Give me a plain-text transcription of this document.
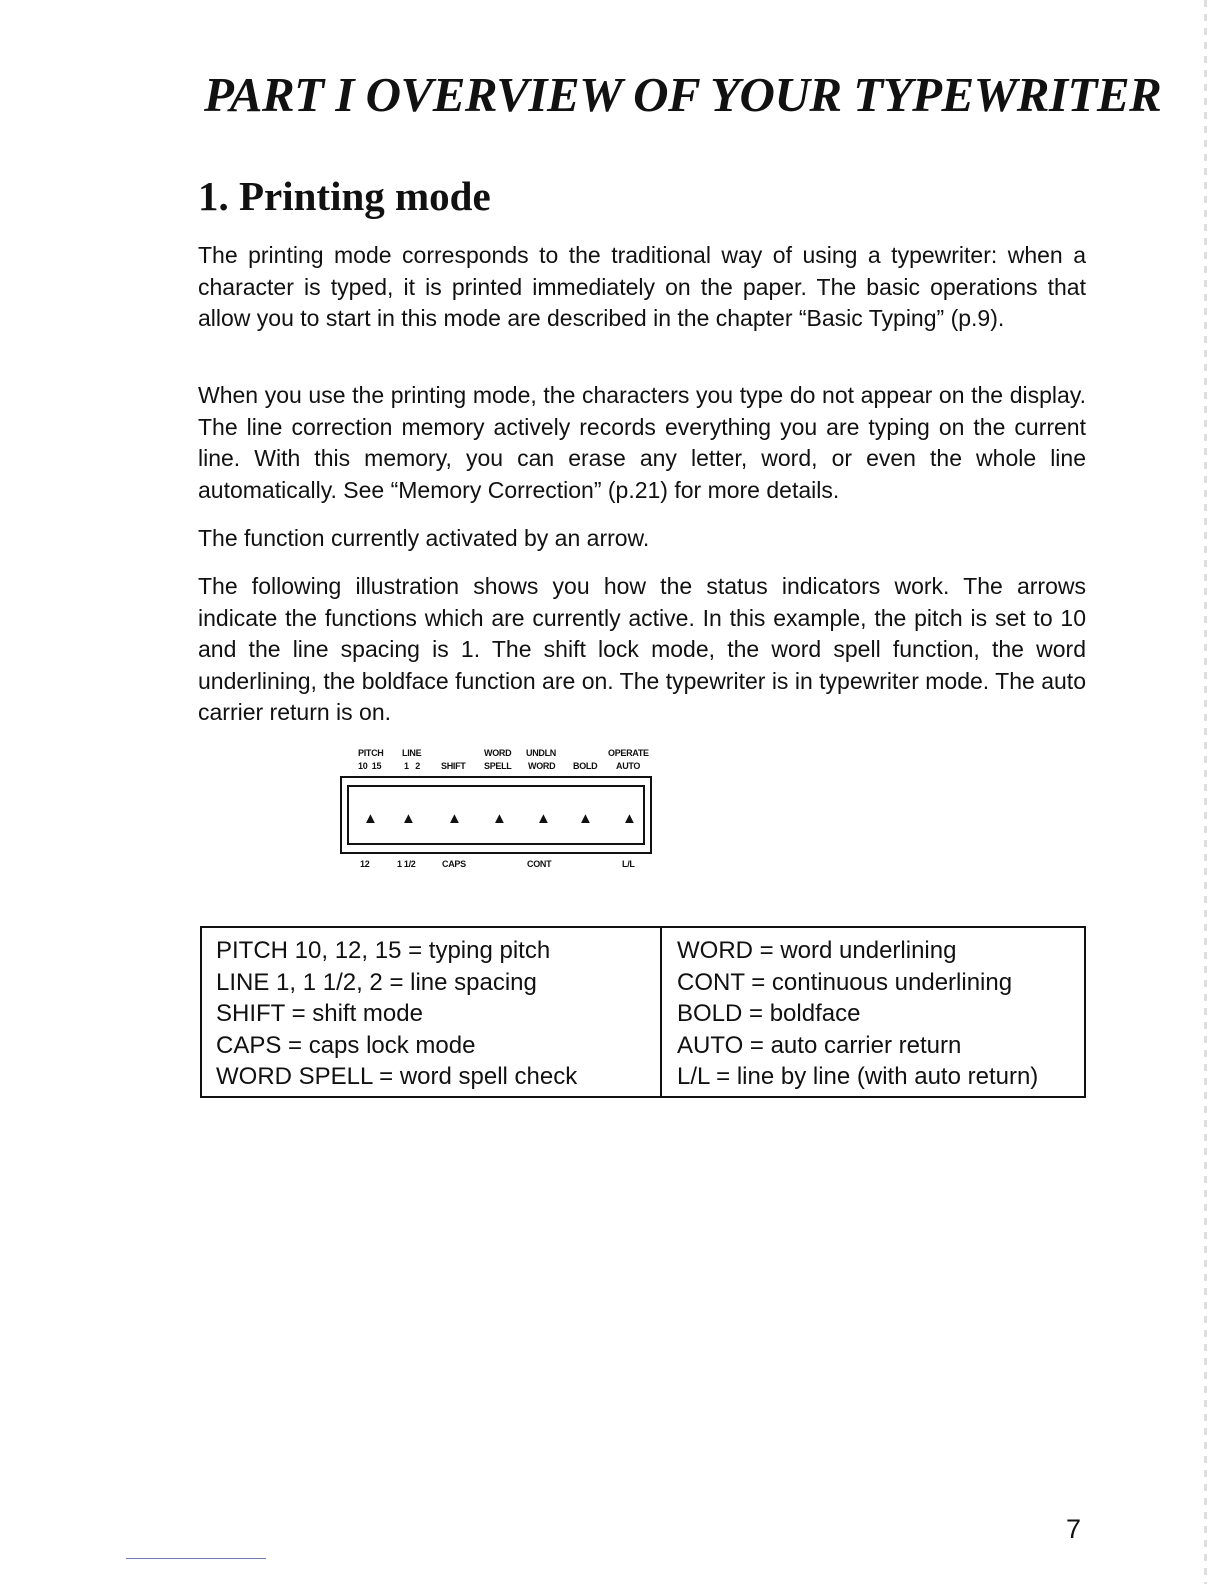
PART I OVERVIEW OF YOUR TYPEWRITER
1. Printing mode

The printing mode corresponds to the traditional way of using a typewriter: when a character is typed, it is printed immediately on the paper. The basic operations that allow you to start in this mode are described in the chapter “Basic Typing” (p.9).

When you use the printing mode, the characters you type do not appear on the display. The line correction memory actively records everything you are typing on the current line. With this memory, you can erase any letter, word, or even the whole line automatically. See “Memory Correction” (p.21) for more details.

The function currently activated by an arrow.

The following illustration shows you how the status indicators work. The arrows indicate the functions which are currently active. In this example, the pitch is set to 10 and the line spacing is 1. The shift lock mode, the word spell function, the word underlining, the boldface function are on. The typewriter is in typewriter mode. The auto carrier return is on.

PITCH LINE	WORD UNDLN	OPERATE
10  15	1   2 SHIFT SPELL WORD BOLD AUTO
▲ ▲ ▲ ▲ ▲ ▲ ▲
12	1 1/2	CAPS	CONT	L/L
PITCH 10, 12, 15 = typing pitch
LINE 1, 1 1/2, 2 = line spacing
SHIFT = shift mode
CAPS = caps lock mode
WORD SPELL = word spell check
WORD = word underlining
CONT = continuous underlining
BOLD = boldface
AUTO = auto carrier return
L/L = line by line (with auto return)
7
